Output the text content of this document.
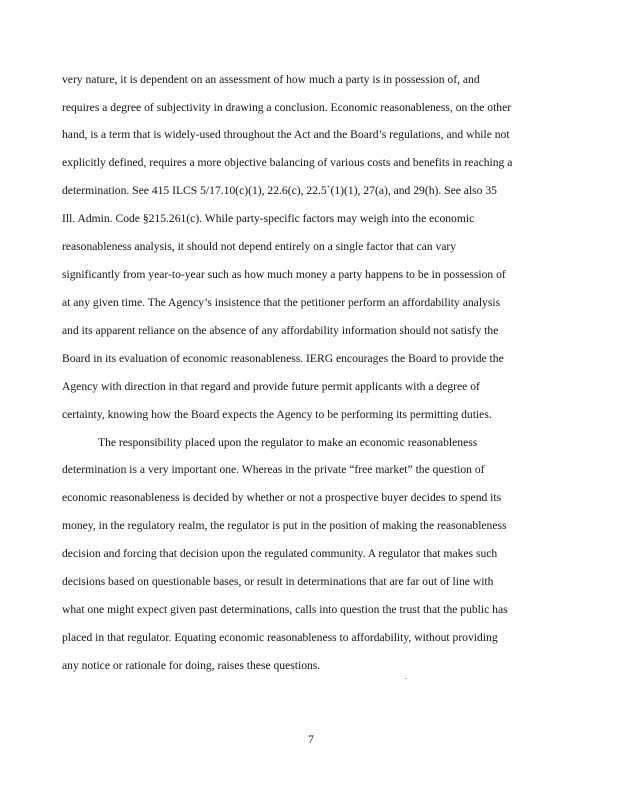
very nature, it is dependent on an assessment of how much a party is in possession of, and
requires a degree of subjectivity in drawing a conclusion. Economic reasonableness, on the other
hand, is a term that is widely-used throughout the Act and the Board’s regulations, and while not
explicitly defined, requires a more objective balancing of various costs and benefits in reaching a
determination. See 415 ILCS 5/17.10(c)(1), 22.6(c), 22.5`(1)(1), 27(a), and 29(h). See also 35
Ill. Admin. Code §215.261(c). While party-specific factors may weigh into the economic
reasonableness analysis, it should not depend entirely on a single factor that can vary
significantly from year-to-year such as how much money a party happens to be in possession of
at any given time. The Agency’s insistence that the petitioner perform an affordability analysis
and its apparent reliance on the absence of any affordability information should not satisfy the
Board in its evaluation of economic reasonableness. IERG encourages the Board to provide the
Agency with direction in that regard and provide future permit applicants with a degree of
certainty, knowing how the Board expects the Agency to be performing its permitting duties.
The responsibility placed upon the regulator to make an economic reasonableness
determination is a very important one. Whereas in the private “free market” the question of
economic reasonableness is decided by whether or not a prospective buyer decides to spend its
money, in the regulatory realm, the regulator is put in the position of making the reasonableness
decision and forcing that decision upon the regulated community. A regulator that makes such
decisions based on questionable bases, or result in determinations that are far out of line with
what one might expect given past determinations, calls into question the trust that the public has
placed in that regulator. Equating economic reasonableness to affordability, without providing
any notice or rationale for doing, raises these questions.
7
